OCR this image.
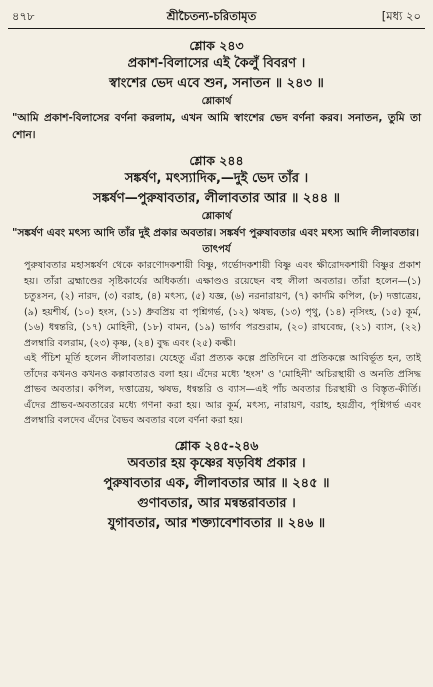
৪৭৮	শ্রীচৈতন্য-চরিতামৃত	[মধ্য ২০
শ্লোক ২৪৩
প্রকাশ-বিলাসের এই কৈলুঁ বিবরণ ।
স্বাংশের ভেদ এবে শুন, সনাতন ॥ ২৪৩ ॥
শ্লোকার্থ
"আমি প্রকাশ-বিলাসের বর্ণনা করলাম, এখন আমি স্বাংশের ভেদ বর্ণনা করব। সনাতন, তুমি তা শোন।
শ্লোক ২৪৪
সঙ্কর্ষণ, মৎস্যাদিক,—দুই ভেদ তাঁর ।
সঙ্কর্ষণ—পুরুষাবতার, লীলাবতার আর ॥ ২৪৪ ॥
শ্লোকার্থ
"সঙ্কর্ষণ এবং মৎস্য আদি তাঁর দুই প্রকার অবতার। সঙ্কর্ষণ পুরুষাবতার এবং মৎস্য আদি লীলাবতার।
তাৎপর্য
পুরুষাবতার মহাসঙ্কর্ষণ থেকে কারণোদকশায়ী বিষ্ণু, গর্ভোদকশায়ী বিষ্ণু এবং ক্ষীরোদকশায়ী বিষ্ণুর প্রকাশ হয়। তাঁরা ব্রহ্মাণ্ডের সৃষ্টিকার্যের অধিকর্তা। এক্ষাণ্ডও রয়েছেন বহু লীলা অবতার। তাঁরা হলেন—(১) চতুঃসন, (২) নারদ, (৩) বরাহ, (৪) মৎস্য, (৫) যজ্ঞ, (৬) নরনারায়ণ, (৭) কার্দমি কপিল, (৮) দত্তাত্রেয়, (৯) হয়শীর্ষ, (১০) হংস, (১১) ধ্রুবপ্রিয় বা পৃশ্নিগর্ভ, (১২) ঋষভ, (১৩) পৃথু, (১৪) নৃসিংহ, (১৫) কূর্ম, (১৬) ধন্বন্তরি, (১৭) মোহিনী, (১৮) বামন, (১৯) ভার্গব পরশুরাম, (২০) রাঘবেন্দ্র, (২১) ব্যাস, (২২) প্রলম্বারি বলরাম, (২৩) কৃষ্ণ, (২৪) বুদ্ধ এবং (২৫) কল্কী।
এই পঁচিশ মূর্তি হলেন লীলাবতার। যেহেতু এঁরা প্রত্যক কল্পে প্রতিদিনে বা প্রতিকল্পে আবির্ভূত হন, তাই তাঁদের কখনও কখনও কল্পাবতারও বলা হয়। এঁদের মধ্যে 'হংস' ও 'মোহিনী' অচিরস্থায়ী ও অনতি প্রসিদ্ধ প্রাভব অবতার। কপিল, দত্তাত্রেয়, ঋষভ, ধন্বন্তরি ও ব্যাস—এই পাঁচ অবতার চিরস্থায়ী ও বিস্তৃত-কীর্তি। এঁদের প্রাভব-অবতারের মধ্যে গণনা করা হয়। আর কূর্ম, মৎস্য, নারায়ণ, বরাহ, হয়গ্রীব, পৃশ্নিগর্ভ এবং প্রলম্বারি বলদেব এঁদের বৈভব অবতার বলে বর্ণনা করা হয়।
শ্লোক ২৪৫-২৪৬
অবতার হয় কৃষ্ণের ষড়বিধ প্রকার ।
পুরুষাবতার এক, লীলাবতার আর ॥ ২৪৫ ॥
গুণাবতার, আর মন্বন্তরাবতার ।
যুগাবতার, আর শক্ত্যাবেশাবতার ॥ ২৪৬ ॥
